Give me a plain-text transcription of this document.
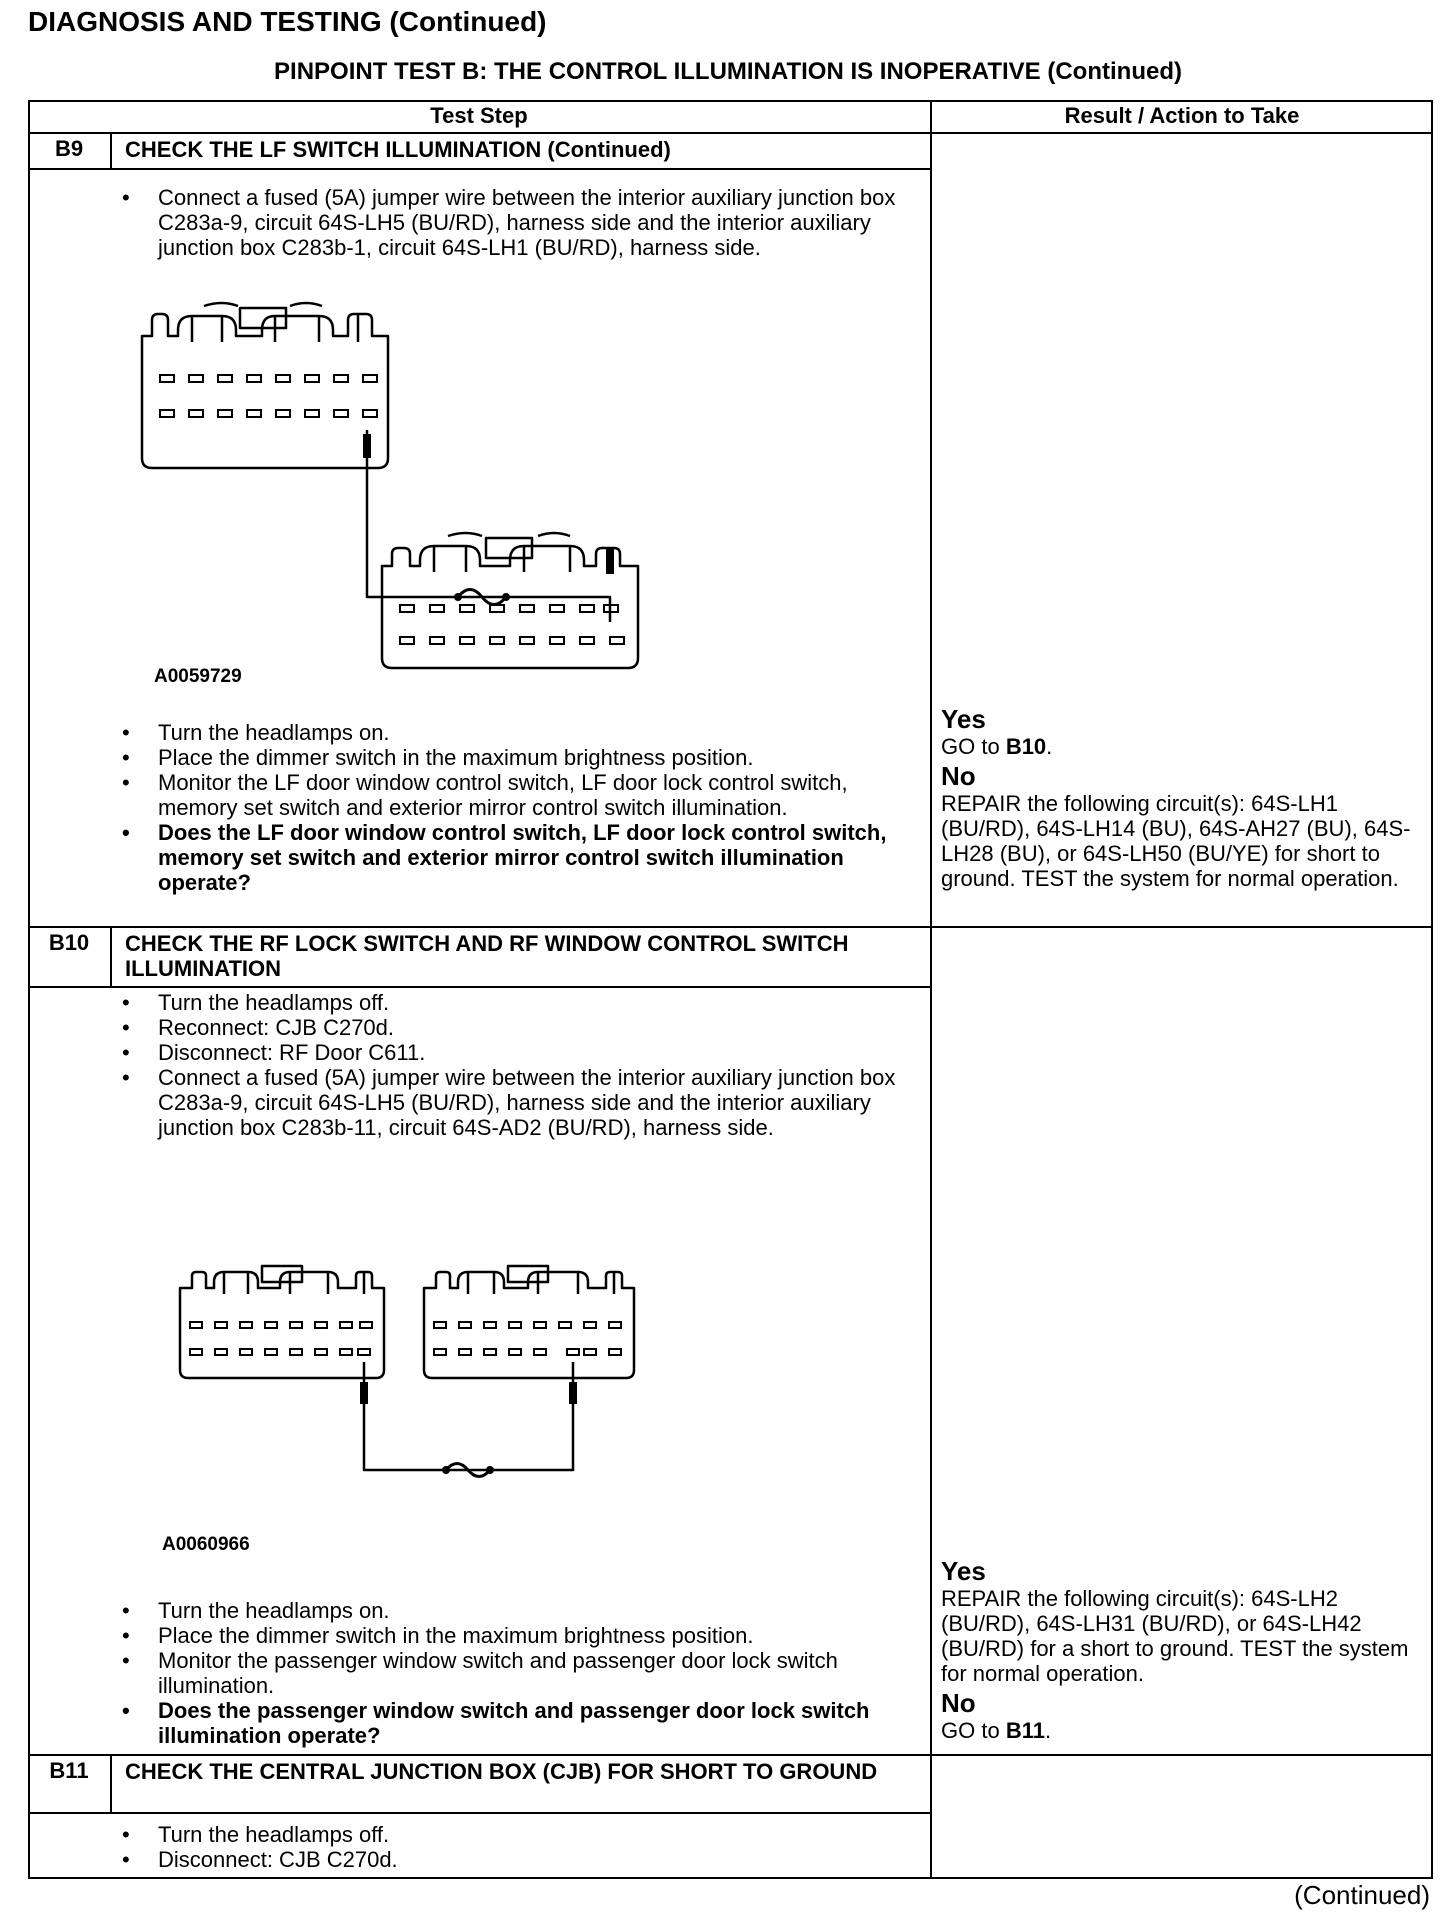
DIAGNOSIS AND TESTING (Continued)
PINPOINT TEST B: THE CONTROL ILLUMINATION IS INOPERATIVE (Continued)
Test Step	Result / Action to Take
B9	CHECK THE LF SWITCH ILLUMINATION (Continued)
• Connect a fused (5A) jumper wire between the interior auxiliary junction box C283a-9, circuit 64S-LH5 (BU/RD), harness side and the interior auxiliary junction box C283b-1, circuit 64S-LH1 (BU/RD), harness side.
A0059729
• Turn the headlamps on.
• Place the dimmer switch in the maximum brightness position.
• Monitor the LF door window control switch, LF door lock control switch, memory set switch and exterior mirror control switch illumination.
• Does the LF door window control switch, LF door lock control switch, memory set switch and exterior mirror control switch illumination operate?
Yes
GO to B10.
No
REPAIR the following circuit(s): 64S-LH1 (BU/RD), 64S-LH14 (BU), 64S-AH27 (BU), 64S-LH28 (BU), or 64S-LH50 (BU/YE) for short to ground. TEST the system for normal operation.
B10	CHECK THE RF LOCK SWITCH AND RF WINDOW CONTROL SWITCH ILLUMINATION
• Turn the headlamps off.
• Reconnect: CJB C270d.
• Disconnect: RF Door C611.
• Connect a fused (5A) jumper wire between the interior auxiliary junction box C283a-9, circuit 64S-LH5 (BU/RD), harness side and the interior auxiliary junction box C283b-11, circuit 64S-AD2 (BU/RD), harness side.
A0060966
• Turn the headlamps on.
• Place the dimmer switch in the maximum brightness position.
• Monitor the passenger window switch and passenger door lock switch illumination.
• Does the passenger window switch and passenger door lock switch illumination operate?
Yes
REPAIR the following circuit(s): 64S-LH2 (BU/RD), 64S-LH31 (BU/RD), or 64S-LH42 (BU/RD) for a short to ground. TEST the system for normal operation.
No
GO to B11.
B11	CHECK THE CENTRAL JUNCTION BOX (CJB) FOR SHORT TO GROUND
• Turn the headlamps off.
• Disconnect: CJB C270d.
(Continued)
